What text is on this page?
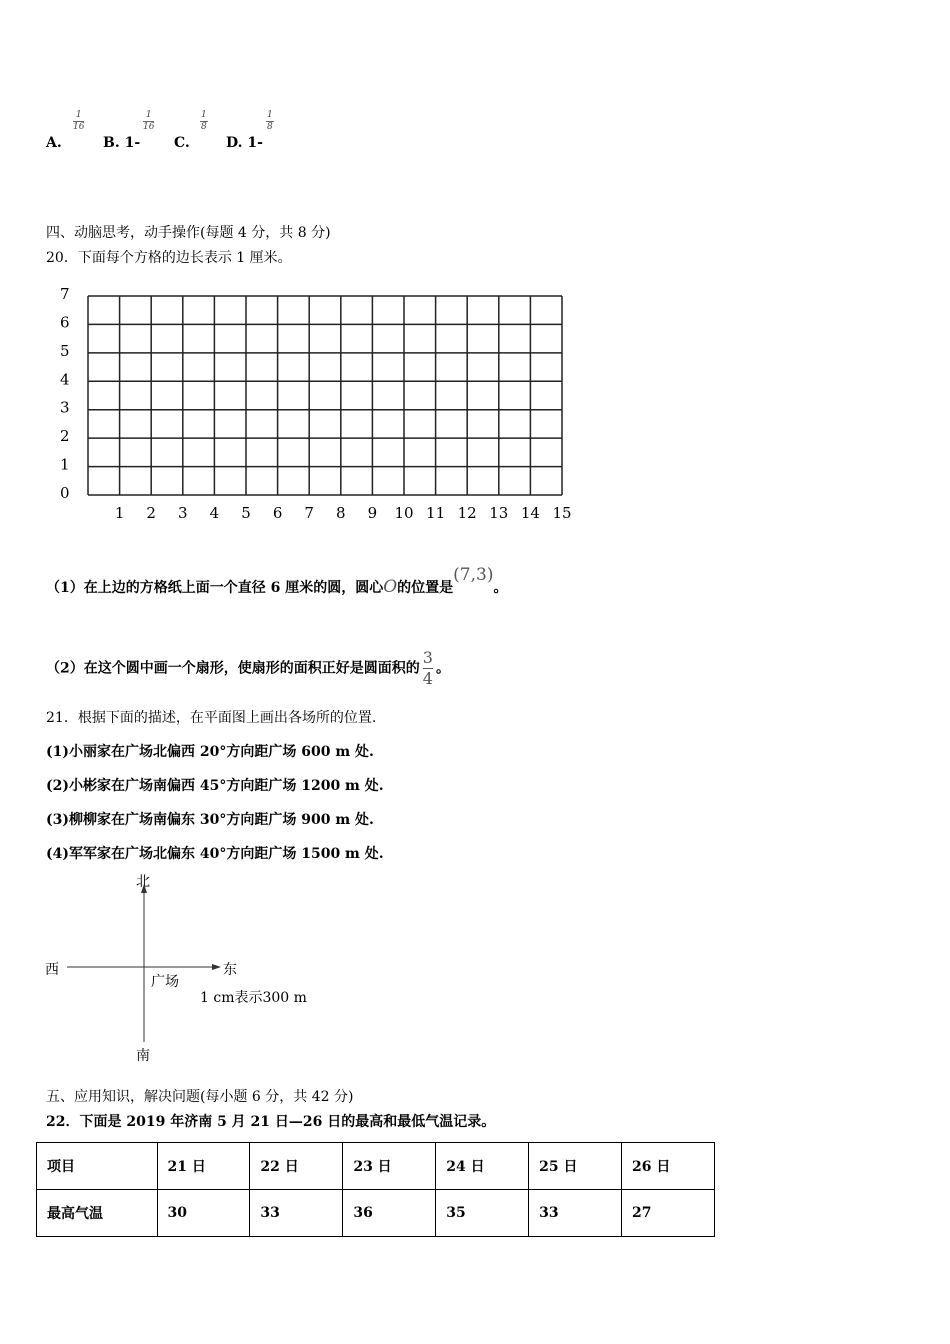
A.
$\frac{1}{16}$
B. 1-
$\frac{1}{16}$
C.
$\frac{1}{8}$
D. 1-
$\frac{1}{8}$
四、动脑思考，动手操作(每题 4 分，共 8 分)
20．下面每个方格的边长表示 1 厘米。
7
6
5
4
3
2
1
0
1 2 3 4 5 6 7 8 9 10 11 12 13 14 15
（1）在上边的方格纸上面一个直径 6 厘米的圆，圆心O的位置是(7,3)。
（2）在这个圆中画一个扇形，使扇形的面积正好是圆面积的 $\frac{3}{4}$ 。
21．根据下面的描述，在平面图上画出各场所的位置.
(1)小丽家在广场北偏西 20°方向距广场 600 m 处.
(2)小彬家在广场南偏西 45°方向距广场 1200 m 处.
(3)柳柳家在广场南偏东 30°方向距广场 900 m 处.
(4)军军家在广场北偏东 40°方向距广场 1500 m 处.
北
南
西	东
广场
1 cm表示300 m
五、应用知识，解决问题(每小题 6 分，共 42 分)
22．下面是 2019 年济南 5 月 21 日—26 日的最高和最低气温记录。
项目	21 日	22 日	23 日	24 日	25 日	26 日
最高气温	30	33	36	35	33	27
